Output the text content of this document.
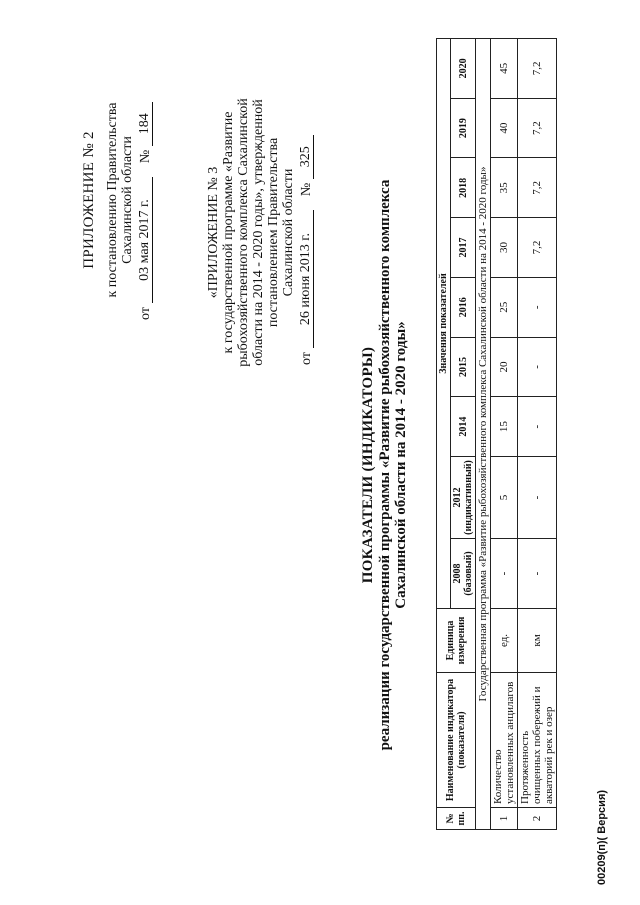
ПРИЛОЖЕНИЕ № 2 к постановлению Правительства Сахалинской области
от
03 мая 2017 г.
№
184
«ПРИЛОЖЕНИЕ № 3 к государственной программе «Развитие рыбохозяйственного комплекса Сахалинской области на 2014 - 2020 годы», утвержденной постановлением Правительства Сахалинской области
от
26 июня 2013 г.
№
325
ПОКАЗАТЕЛИ (ИНДИКАТОРЫ) реализации государственной программы «Развитие рыбохозяйственного комплекса Сахалинской области на 2014 - 2020 годы»
№ пп.	Наименование индикатора (показателя)	Единица измерения	Значения показателей								
			2008 (базовый)	2012 (индикативный)	2014	2015	2016	2017	2018	2019	2020
Государственная программа «Развитие рыбохозяйственного комплекса Сахалинской области на 2014 - 2020 годы»											
1	Количество установленных анцилагов	ед.	-	5	15	20	25	30	35	40	45
2	Протяженность очищенных побережий и акваторий рек и озер	км	-	-	-	-	-	7,2	7,2	7,2	7,2
00209(п)( Версия)
